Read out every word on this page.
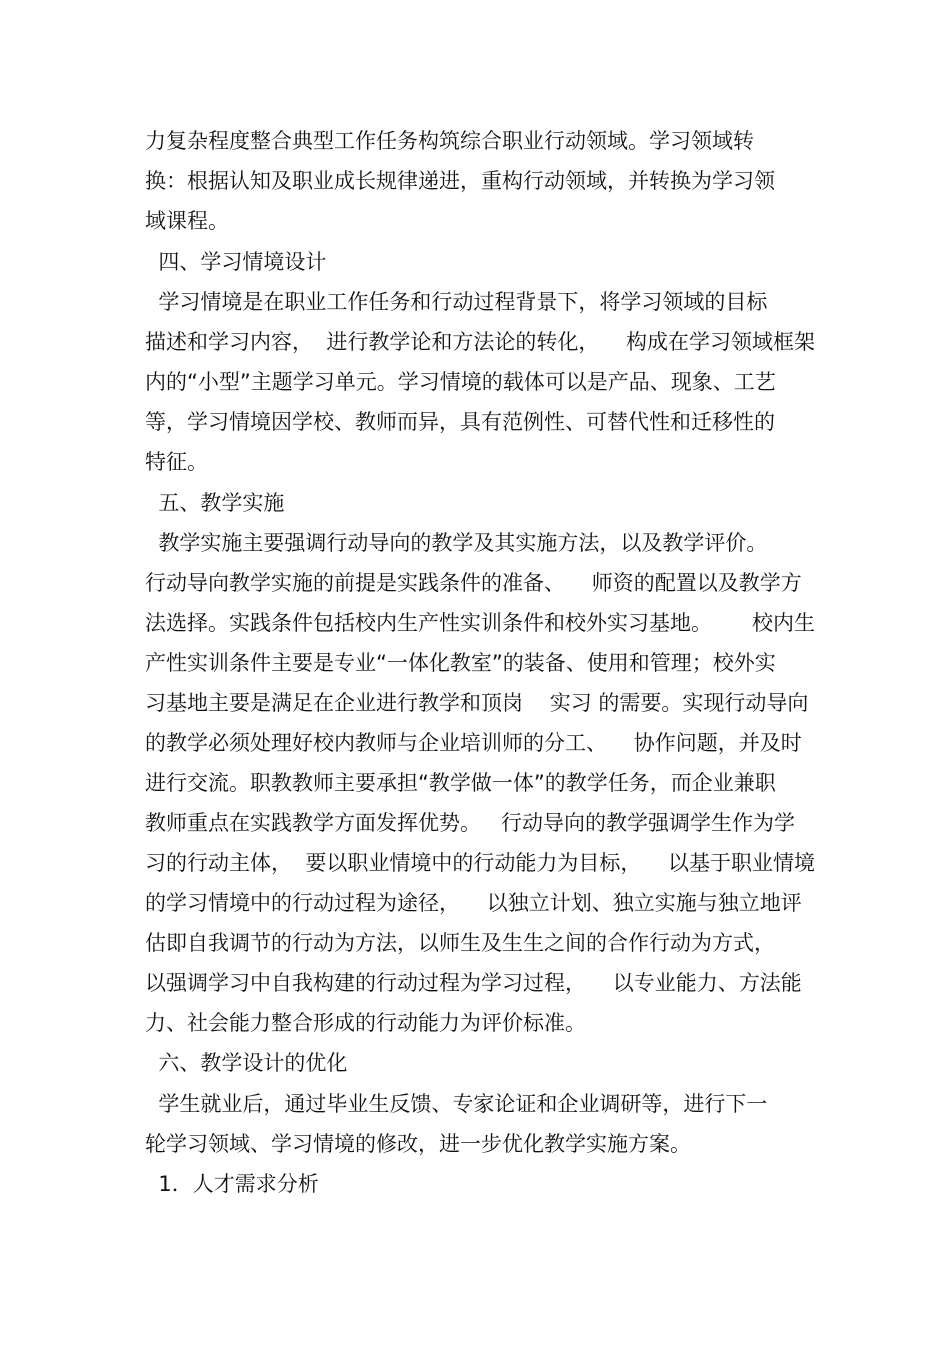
力复杂程度整合典型工作任务构筑综合职业行动领域。学习领域转
换：根据认知及职业成长规律递进，重构行动领域，并转换为学习领
域课程。
四、学习情境设计
学习情境是在职业工作任务和行动过程背景下，将学习领域的目标
描述和学习内容，  进行教学论和方法论的转化，    构成在学习领域框架
内的“小型”主题学习单元。学习情境的载体可以是产品、现象、工艺
等，学习情境因学校、教师而异，具有范例性、可替代性和迁移性的
特征。
五、教学实施
教学实施主要强调行动导向的教学及其实施方法，以及教学评价。
行动导向教学实施的前提是实践条件的准备、    师资的配置以及教学方
法选择。实践条件包括校内生产性实训条件和校外实习基地。      校内生
产性实训条件主要是专业“一体化教室”的装备、使用和管理；校外实
习基地主要是满足在企业进行教学和顶岗    实习 的需要。实现行动导向
的教学必须处理好校内教师与企业培训师的分工、    协作问题，并及时
进行交流。职教教师主要承担“教学做一体”的教学任务，而企业兼职
教师重点在实践教学方面发挥优势。   行动导向的教学强调学生作为学
习的行动主体，  要以职业情境中的行动能力为目标，    以基于职业情境
的学习情境中的行动过程为途径，    以独立计划、独立实施与独立地评
估即自我调节的行动为方法，以师生及生生之间的合作行动为方式，
以强调学习中自我构建的行动过程为学习过程，    以专业能力、方法能
力、社会能力整合形成的行动能力为评价标准。
六、教学设计的优化
学生就业后，通过毕业生反馈、专家论证和企业调研等，进行下一
轮学习领域、学习情境的修改，进一步优化教学实施方案。
1．人才需求分析
